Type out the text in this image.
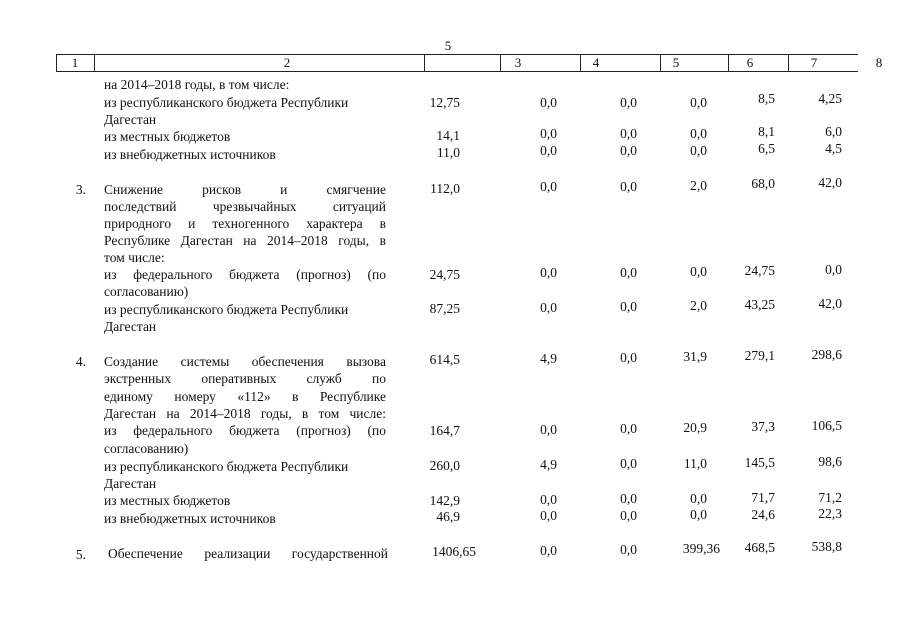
5
1	2	3	4	5	6	7	8
на 2014–2018 годы, в том числе:
из республиканского бюджета Республики	12,75	0,0	0,0	0,0	8,5	4,25
Дагестан
из местных бюджетов	14,1	0,0	0,0	0,0	8,1	6,0
из внебюджетных источников	11,0	0,0	0,0	0,0	6,5	4,5
3. Снижение рисков и смягчение	112,0	0,0	0,0	2,0	68,0	42,0
последствий чрезвычайных ситуаций
природного и техногенного характера в
Республике Дагестан на 2014–2018 годы, в
том числе:
из федерального бюджета (прогноз) (по	24,75	0,0	0,0	0,0	24,75	0,0
согласованию)
из республиканского бюджета Республики	87,25	0,0	0,0	2,0	43,25	42,0
Дагестан
4. Создание системы обеспечения вызова	614,5	4,9	0,0	31,9	279,1	298,6
экстренных оперативных служб по
единому номеру «112» в Республике
Дагестан на 2014–2018 годы, в том числе:
из федерального бюджета (прогноз) (по	164,7	0,0	0,0	20,9	37,3	106,5
согласованию)
из республиканского бюджета Республики	260,0	4,9	0,0	11,0	145,5	98,6
Дагестан
из местных бюджетов	142,9	0,0	0,0	0,0	71,7	71,2
из внебюджетных источников	46,9	0,0	0,0	0,0	24,6	22,3
5. Обеспечение реализации государственной	1406,65	0,0	0,0	399,36	468,5	538,8
